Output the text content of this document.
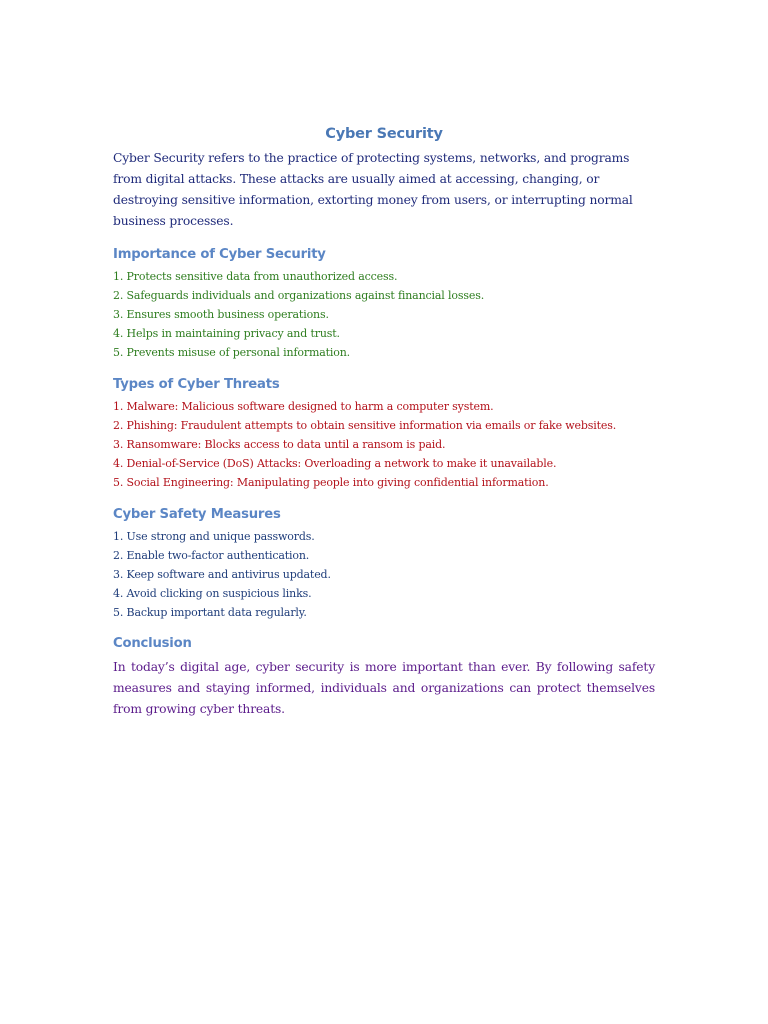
Cyber Security

Cyber Security refers to the practice of protecting systems, networks, and programs from digital attacks. These attacks are usually aimed at accessing, changing, or destroying sensitive information, extorting money from users, or interrupting normal business processes.

Importance of Cyber Security
1. Protects sensitive data from unauthorized access.
2. Safeguards individuals and organizations against financial losses.
3. Ensures smooth business operations.
4. Helps in maintaining privacy and trust.
5. Prevents misuse of personal information.
Types of Cyber Threats
1. Malware: Malicious software designed to harm a computer system.
2. Phishing: Fraudulent attempts to obtain sensitive information via emails or fake websites.
3. Ransomware: Blocks access to data until a ransom is paid.
4. Denial-of-Service (DoS) Attacks: Overloading a network to make it unavailable.
5. Social Engineering: Manipulating people into giving confidential information.
Cyber Safety Measures
1. Use strong and unique passwords.
2. Enable two-factor authentication.
3. Keep software and antivirus updated.
4. Avoid clicking on suspicious links.
5. Backup important data regularly.
Conclusion

In today’s digital age, cyber security is more important than ever. By following safety measures and staying informed, individuals and organizations can protect themselves from growing cyber threats.
